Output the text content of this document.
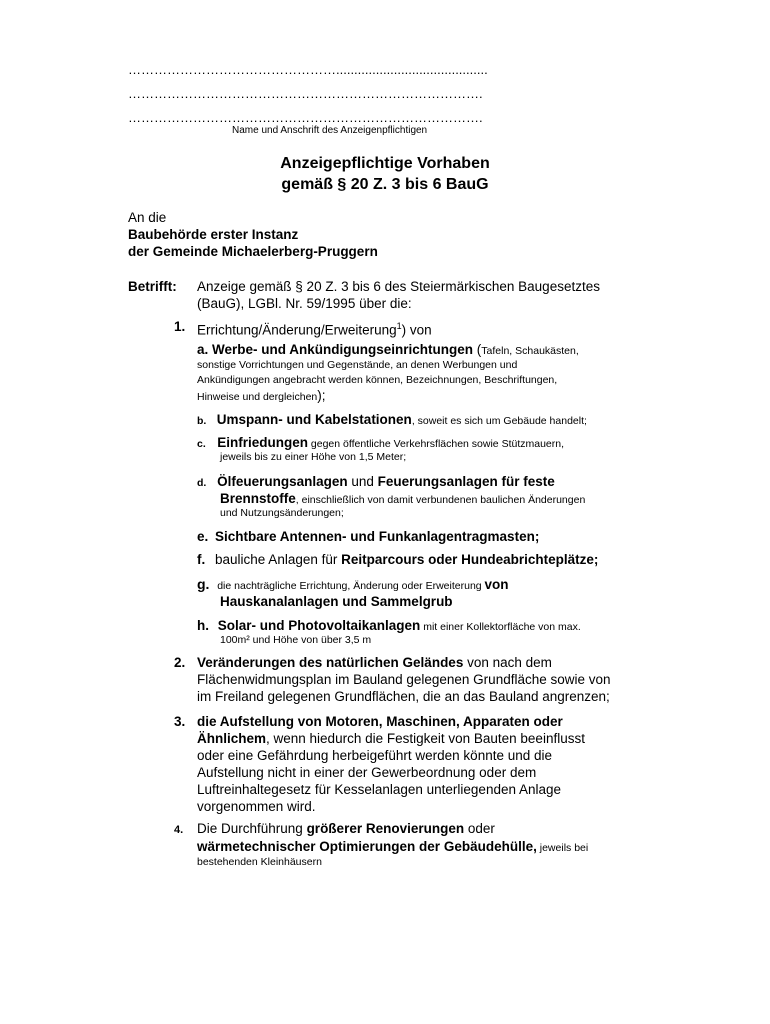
…………………………………………..........................................
……………………………………………………………………….
……………………………………………………………………….
Name und Anschrift des Anzeigenpflichtigen
Anzeigepflichtige Vorhaben
gemäß § 20 Z. 3 bis 6 BauG
An die
Baubehörde erster Instanz
der Gemeinde Michaelerberg-Pruggern
Betrifft: Anzeige gemäß § 20 Z. 3 bis 6 des Steiermärkischen Baugesetztes
(BauG), LGBl. Nr. 59/1995 über die:
1. Errichtung/Änderung/Erweiterung$^1$) von
a. Werbe- und Ankündigungseinrichtungen (Tafeln, Schaukästen,
sonstige Vorrichtungen und Gegenstände, an denen Werbungen und
Ankündigungen angebracht werden können, Bezeichnungen, Beschriftungen,
Hinweise und dergleichen);
b. Umspann- und Kabelstationen, soweit es sich um Gebäude handelt;
c. Einfriedungen gegen öffentliche Verkehrsflächen sowie Stützmauern,
jeweils bis zu einer Höhe von 1,5 Meter;
d. Ölfeuerungsanlagen und Feuerungsanlagen für feste
Brennstoffe, einschließlich von damit verbundenen baulichen Änderungen
und Nutzungsänderungen;
e. Sichtbare Antennen- und Funkanlagentragmasten;
f. bauliche Anlagen für Reitparcours oder Hundeabrichteplätze;
g. die nachträgliche Errichtung, Änderung oder Erweiterung von
Hauskanalanlagen und Sammelgrub
h. Solar- und Photovoltaikanlagen mit einer Kollektorfläche von max.
100m² und Höhe von über 3,5 m
2. Veränderungen des natürlichen Geländes von nach dem
Flächenwidmungsplan im Bauland gelegenen Grundfläche sowie von
im Freiland gelegenen Grundflächen, die an das Bauland angrenzen;
3. die Aufstellung von Motoren, Maschinen, Apparaten oder
Ähnlichem, wenn hiedurch die Festigkeit von Bauten beeinflusst
oder eine Gefährdung herbeigeführt werden könnte und die
Aufstellung nicht in einer der Gewerbeordnung oder dem
Luftreinhaltegesetz für Kesselanlagen unterliegenden Anlage
vorgenommen wird.
4. Die Durchführung größerer Renovierungen oder
wärmetechnischer Optimierungen der Gebäudehülle, jeweils bei
bestehenden Kleinhäusern
